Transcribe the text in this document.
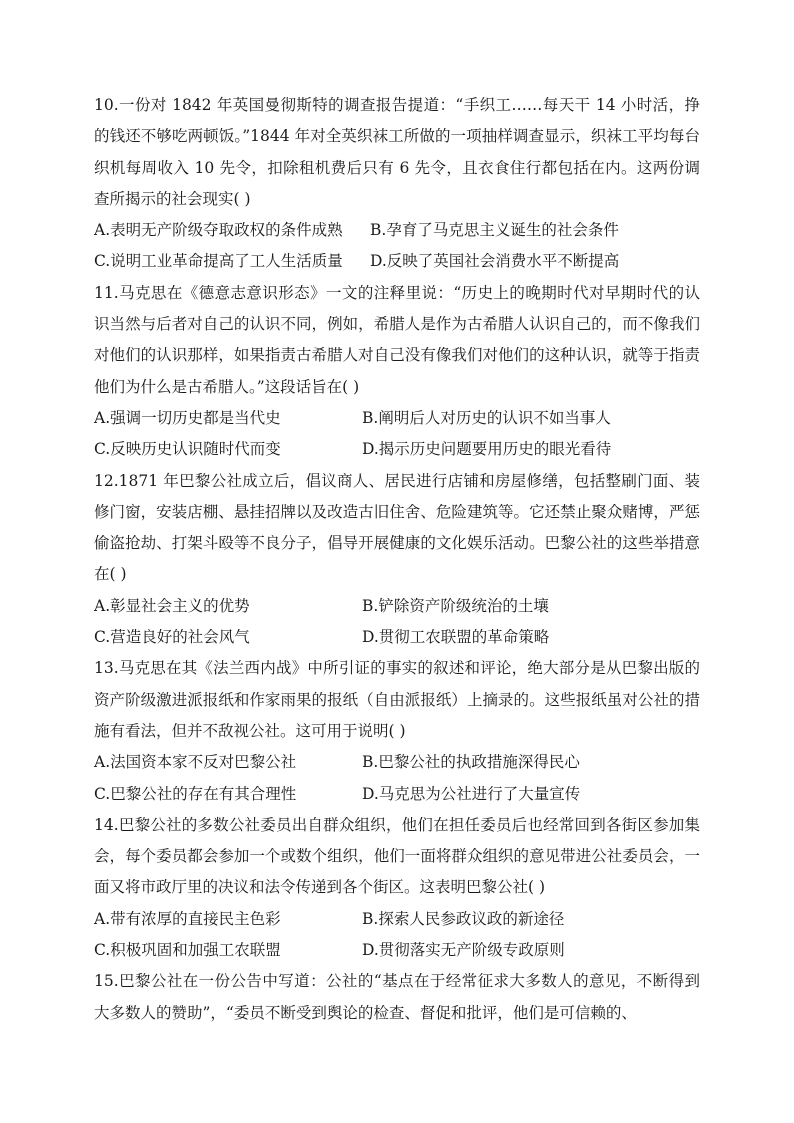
10.一份对 1842 年英国曼彻斯特的调查报告提道：“手织工……每天干 14 小时活，挣的钱还不够吃两顿饭。”1844 年对全英织袜工所做的一项抽样调查显示，织袜工平均每台织机每周收入 10 先令，扣除租机费后只有 6 先令，且衣食住行都包括在内。这两份调查所揭示的社会现实( )

A.表明无产阶级夺取政权的条件成熟	B.孕育了马克思主义诞生的社会条件
C.说明工业革命提高了工人生活质量	D.反映了英国社会消费水平不断提高

11.马克思在《德意志意识形态》一文的注释里说：“历史上的晚期时代对早期时代的认识当然与后者对自己的认识不同，例如，希腊人是作为古希腊人认识自己的，而不像我们对他们的认识那样，如果指责古希腊人对自己没有像我们对他们的这种认识，就等于指责他们为什么是古希腊人。”这段话旨在( )

A.强调一切历史都是当代史	B.阐明后人对历史的认识不如当事人
C.反映历史认识随时代而变	D.揭示历史问题要用历史的眼光看待

12.1871 年巴黎公社成立后，倡议商人、居民进行店铺和房屋修缮，包括整刷门面、装修门窗，安装店棚、悬挂招牌以及改造古旧住舍、危险建筑等。它还禁止聚众赌博，严惩偷盗抢劫、打架斗殴等不良分子，倡导开展健康的文化娱乐活动。巴黎公社的这些举措意在( )

A.彰显社会主义的优势	B.铲除资产阶级统治的土壤
C.营造良好的社会风气	D.贯彻工农联盟的革命策略

13.马克思在其《法兰西内战》中所引证的事实的叙述和评论，绝大部分是从巴黎出版的资产阶级激进派报纸和作家雨果的报纸（自由派报纸）上摘录的。这些报纸虽对公社的措施有看法，但并不敌视公社。这可用于说明( )

A.法国资本家不反对巴黎公社	B.巴黎公社的执政措施深得民心
C.巴黎公社的存在有其合理性	D.马克思为公社进行了大量宣传

14.巴黎公社的多数公社委员出自群众组织，他们在担任委员后也经常回到各街区参加集会，每个委员都会参加一个或数个组织，他们一面将群众组织的意见带进公社委员会，一面又将市政厅里的决议和法令传递到各个街区。这表明巴黎公社( )

A.带有浓厚的直接民主色彩	B.探索人民参政议政的新途径
C.积极巩固和加强工农联盟	D.贯彻落实无产阶级专政原则

15.巴黎公社在一份公告中写道：公社的“基点在于经常征求大多数人的意见，不断得到大多数人的赞助”，“委员不断受到舆论的检查、督促和批评，他们是可信赖的、
